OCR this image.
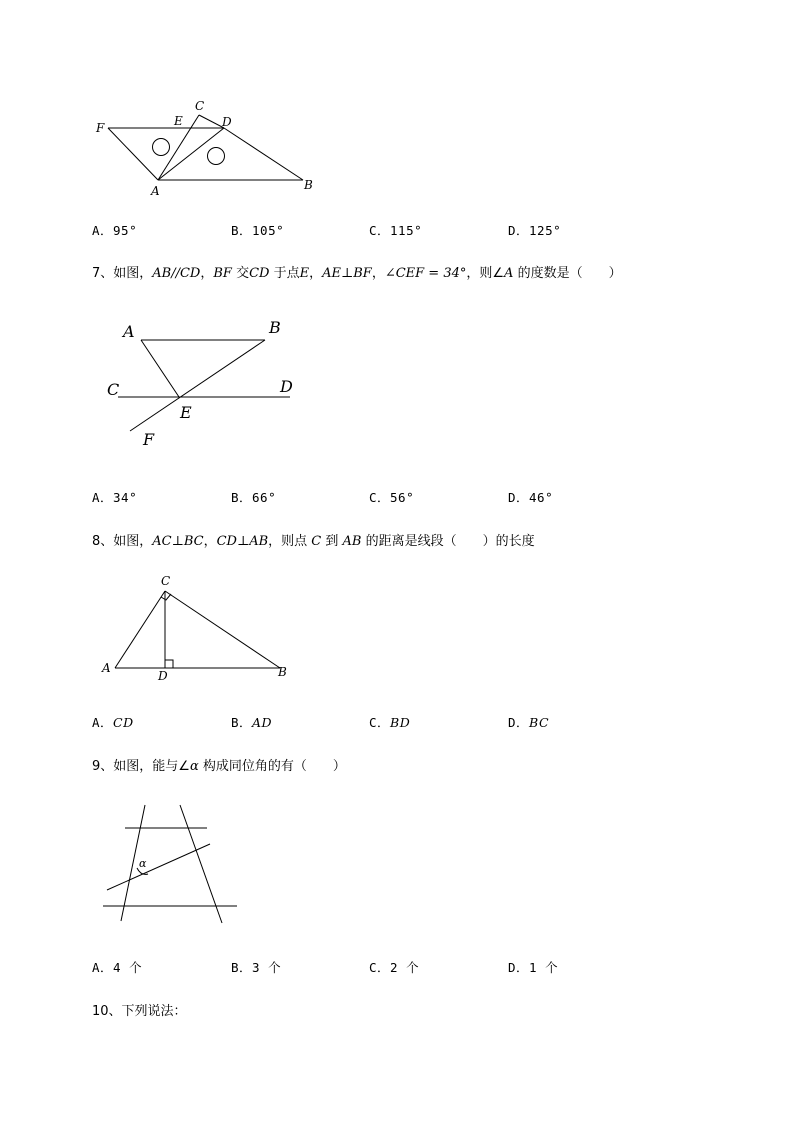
F	E
C
D
A	B
A．95°	B．105°	C．115°	D．125°
7、如图，AB//CD，BF 交CD 于点E，AE⊥BF，∠CEF = 34°，则∠A 的度数是（　　）
A	B
C	D
E
F
A．34°	B．66°	C．56°	D．46°
8、如图，AC⊥BC，CD⊥AB，则点 C 到 AB 的距离是线段（　　）的长度
A	B
C
D
A．CD	B．AD	C．BD	D．BC
9、如图，能与∠α 构成同位角的有（　　）
α
A．4 个	B．3 个	C．2 个	D．1 个
10、下列说法：
